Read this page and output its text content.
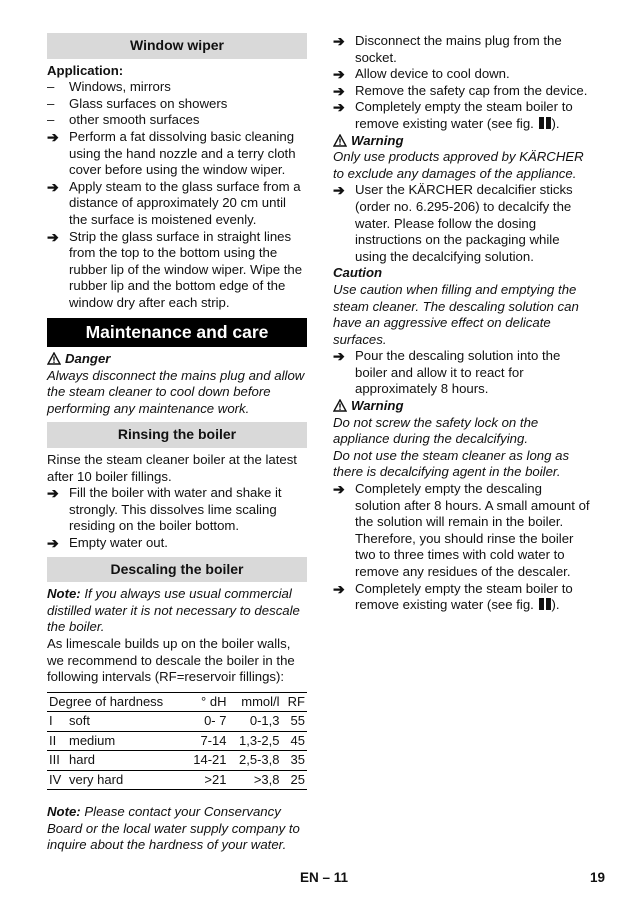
Window wiper

Application:

–	Windows, mirrors
–	Glass surfaces on showers
–	other smooth surfaces
➔ Perform a fat dissolving basic cleaning using the hand nozzle and a terry cloth cover before using the window wiper.
➔ Apply steam to the glass surface from a distance of approximately 20 cm until the surface is moistened evenly.
➔ Strip the glass surface in straight lines from the top to the bottom using the rubber lip of the window wiper. Wipe the rubber lip and the bottom edge of the window dry after each strip.
Maintenance and care

Danger

Always disconnect the mains plug and allow the steam cleaner to cool down before performing any maintenance work.

Rinsing the boiler

Rinse the steam cleaner boiler at the latest after 10 boiler fillings.

➔ Fill the boiler with water and shake it strongly. This dissolves lime scaling residing on the boiler bottom.
➔ Empty water out.
Descaling the boiler

Note: If you always use usual commercial distilled water it is not necessary to descale the boiler.

As limescale builds up on the boiler walls, we recommend to descale the boiler in the following intervals (RF=reservoir fillings):

Degree of hardness		° dH	mmol/l	RF
I	soft	0- 7	0-1,3	55
II	medium	7-14	1,3-2,5	45
III	hard	14-21	2,5-3,8	35
IV	very hard	>21	>3,8	25

Note: Please contact your Conservancy Board or the local water supply company to inquire about the hardness of your water.

➔ Disconnect the mains plug from the socket.
➔ Allow device to cool down.
➔ Remove the safety cap from the device.
➔ Completely empty the steam boiler to remove existing water (see fig. ).

Warning

Only use products approved by KÄRCHER to exclude any damages of the appliance.

➔ User the KÄRCHER decalcifier sticks (order no. 6.295-206) to decalcify the water. Please follow the dosing instructions on the packaging while using the decalcifying solution.

Caution

Use caution when filling and emptying the steam cleaner. The descaling solution can have an aggressive effect on delicate surfaces.

➔ Pour the descaling solution into the boiler and allow it to react for approximately 8 hours.

Warning

Do not screw the safety lock on the appliance during the decalcifying.

Do not use the steam cleaner as long as there is decalcifying agent in the boiler.

➔ Completely empty the descaling solution after 8 hours. A small amount of the solution will remain in the boiler. Therefore, you should rinse the boiler two to three times with cold water to remove any residues of the descaler.
➔ Completely empty the steam boiler to remove existing water (see fig. ).
EN – 11	19
